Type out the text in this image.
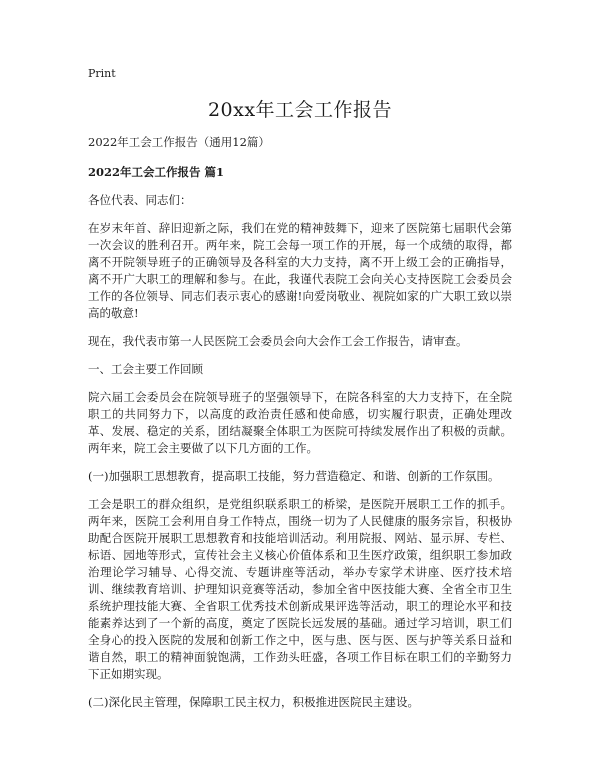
Print
20xx年工会工作报告
2022年工会工作报告（通用12篇）
2022年工会工作报告 篇1

各位代表、同志们：

在岁末年首、辞旧迎新之际，我们在党的精神鼓舞下，迎来了医院第七届职代会第一次会议的胜利召开。两年来，院工会每一项工作的开展，每一个成绩的取得，都离不开院领导班子的正确领导及各科室的大力支持，离不开上级工会的正确指导，离不开广大职工的理解和参与。在此，我谨代表院工会向关心支持医院工会委员会工作的各位领导、同志们表示衷心的感谢!向爱岗敬业、视院如家的广大职工致以崇高的敬意!

现在，我代表市第一人民医院工会委员会向大会作工会工作报告，请审查。

一、工会主要工作回顾

院六届工会委员会在院领导班子的坚强领导下，在院各科室的大力支持下，在全院职工的共同努力下，以高度的政治责任感和使命感，切实履行职责，正确处理改革、发展、稳定的关系，团结凝聚全体职工为医院可持续发展作出了积极的贡献。两年来，院工会主要做了以下几方面的工作。

(一)加强职工思想教育，提高职工技能，努力营造稳定、和谐、创新的工作氛围。

工会是职工的群众组织，是党组织联系职工的桥梁，是医院开展职工工作的抓手。两年来，医院工会利用自身工作特点，围绕一切为了人民健康的服务宗旨，积极协助配合医院开展职工思想教育和技能培训活动。利用院报、网站、显示屏、专栏、标语、园地等形式，宣传社会主义核心价值体系和卫生医疗政策，组织职工参加政治理论学习辅导、心得交流、专题讲座等活动，举办专家学术讲座、医疗技术培训、继续教育培训、护理知识竞赛等活动，参加全省中医技能大赛、全省全市卫生系统护理技能大赛、全省职工优秀技术创新成果评选等活动，职工的理论水平和技能素养达到了一个新的高度，奠定了医院长远发展的基础。通过学习培训，职工们全身心的投入医院的发展和创新工作之中，医与患、医与医、医与护等关系日益和谐自然，职工的精神面貌饱满，工作劲头旺盛，各项工作目标在职工们的辛勤努力下正如期实现。

(二)深化民主管理，保障职工民主权力，积极推进医院民主建设。
